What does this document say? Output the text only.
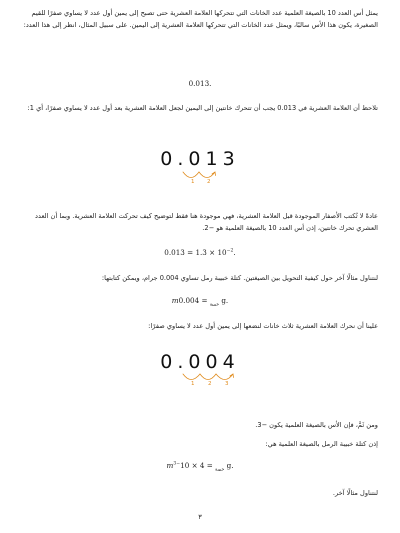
يمثل أس العدد 10 بالصيغة العلمية عدد الخانات التي تتحركها العلامة العشرية حتى تصبح إلى يمين أول عدد لا يساوي صفرًا للقيم الصغيرة، يكون هذا الأس سالبًا، ويمثل عدد الخانات التي تتحركها العلامة العشرية إلى اليمين. على سبيل المثال، انظر إلى هذا العدد:
0.013.
تلاحظ أن العلامة العشرية في 0.013 يجب أن تتحرك خانتين إلى اليمين لجعل العلامة العشرية بعد أول عدد لا يساوي صفرًا، أي 1:
0.013
1 2
عادةً لا تُكتب الأصفار الموجودة قبل العلامة العشرية، فهي موجودة هنا فقط لتوضيح كيف تحركت العلامة العشرية. وبما أن العدد العشري تحرك خانتين، إذن أس العدد 10 بالصيغة العلمية هو −2.
$0.013 = 1.3 \times 10^{-2}$.
لنتناول مثالًا آخر حول كيفية التحويل بين الصيغتين. كتلة خبيبة رمل تساوي 0.004 جرام، ويمكن كتابتها:
m	$_{خبيبة}$ = 0.004 g.
علينا أن نحرك العلامة العشرية ثلاث خانات لنضعها إلى يمين أول عدد لا يساوي صفرًا:
0.004
1 2 3
ومن ثَمَّ، فإن الأس بالصيغة العلمية يكون −3.
إذن كتلة خبيبة الرمل بالصيغة العلمية هي:
m	$_{خبيبة} = 4 \times 10^{-3}$	g.
لنتناول مثالًا آخر.
٣
